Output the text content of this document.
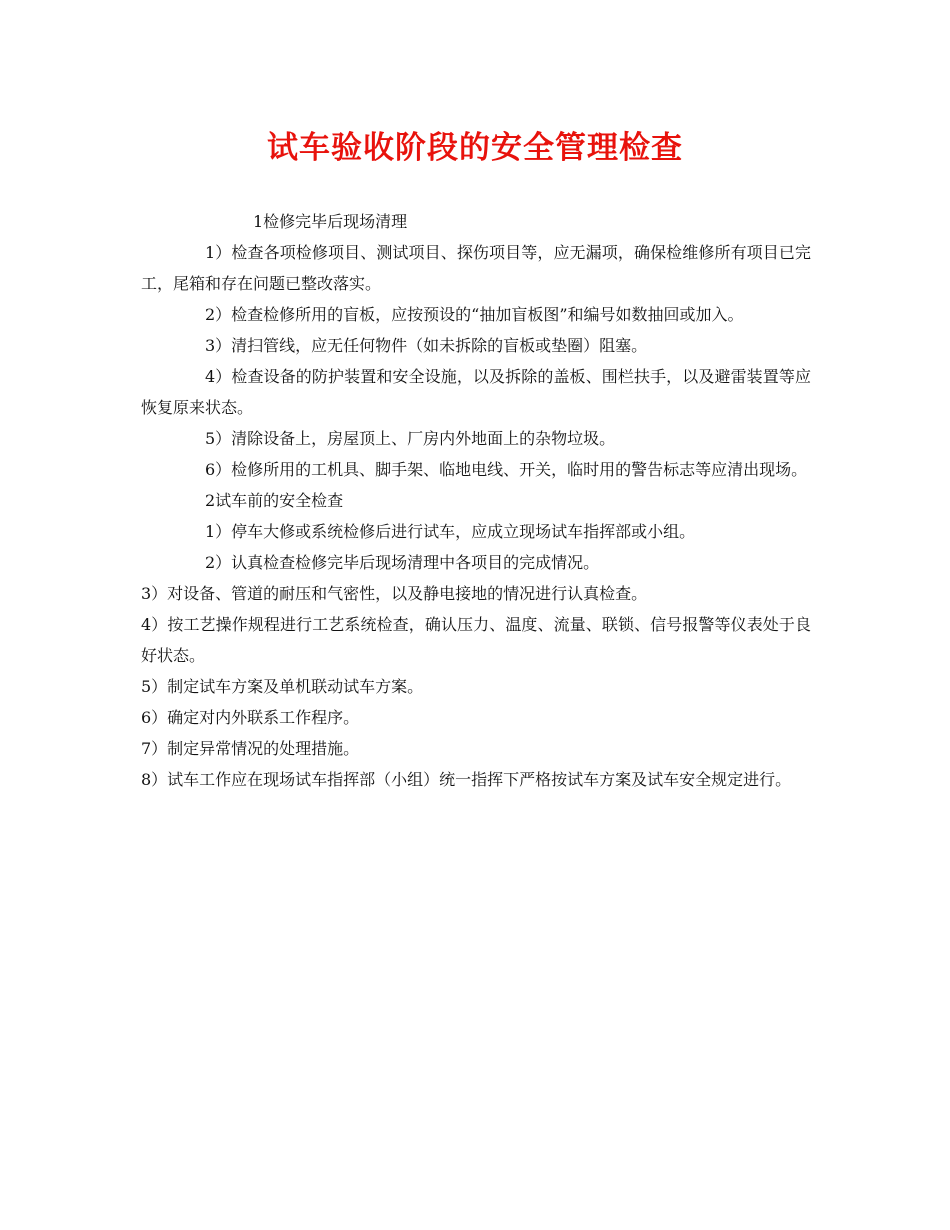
试车验收阶段的安全管理检查

1检修完毕后现场清理

1）检查各项检修项目、测试项目、探伤项目等，应无漏项，确保检维修所有项目已完工，尾箱和存在问题已整改落实。

2）检查检修所用的盲板，应按预设的“抽加盲板图”和编号如数抽回或加入。

3）清扫管线，应无任何物件（如未拆除的盲板或垫圈）阻塞。

4）检查设备的防护装置和安全设施，以及拆除的盖板、围栏扶手，以及避雷装置等应恢复原来状态。

5）清除设备上，房屋顶上、厂房内外地面上的杂物垃圾。

6）检修所用的工机具、脚手架、临地电线、开关，临时用的警告标志等应清出现场。

2试车前的安全检查

1）停车大修或系统检修后进行试车，应成立现场试车指挥部或小组。

2）认真检查检修完毕后现场清理中各项目的完成情况。

3）对设备、管道的耐压和气密性，以及静电接地的情况进行认真检查。

4）按工艺操作规程进行工艺系统检查，确认压力、温度、流量、联锁、信号报警等仪表处于良好状态。

5）制定试车方案及单机联动试车方案。

6）确定对内外联系工作程序。

7）制定异常情况的处理措施。

8）试车工作应在现场试车指挥部（小组）统一指挥下严格按试车方案及试车安全规定进行。
